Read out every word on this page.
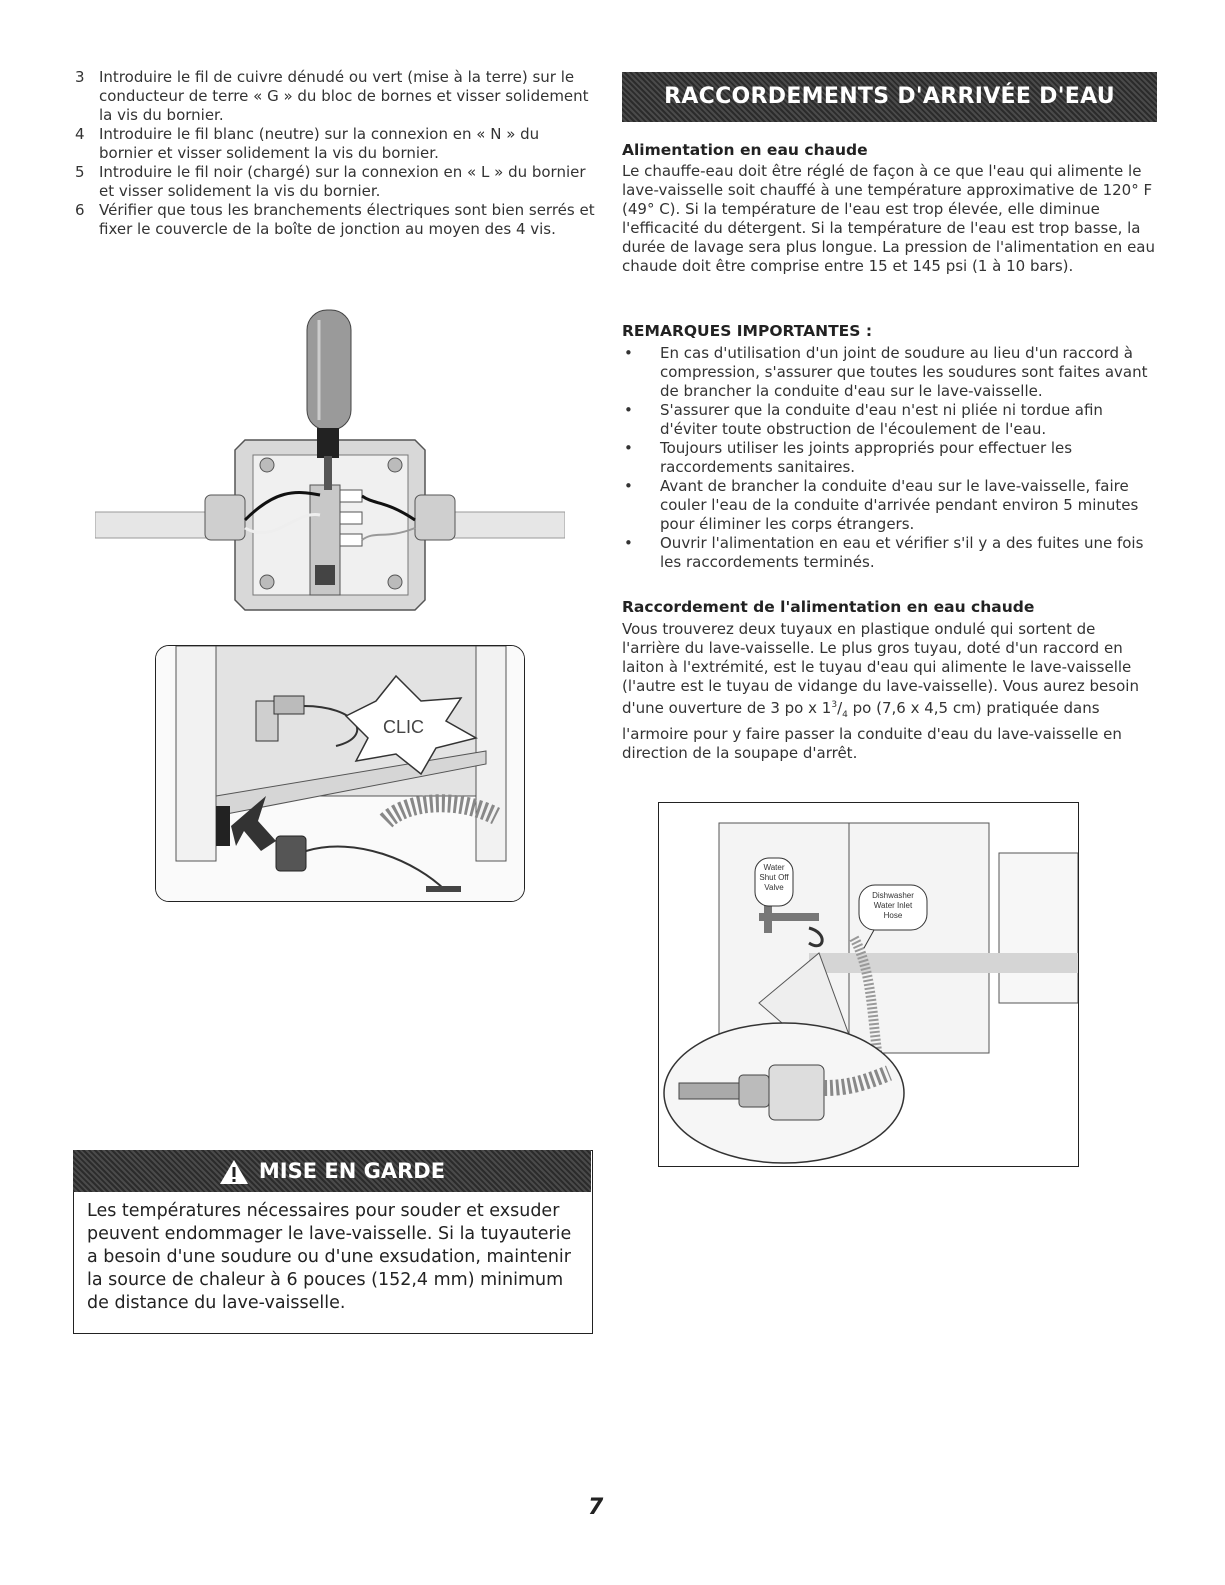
3 Introduire le fil de cuivre dénudé ou vert (mise à la terre) sur le conducteur de terre « G » du bloc de bornes et visser solidement la vis du bornier.

4 Introduire le fil blanc (neutre) sur la connexion en « N » du bornier et visser solidement la vis du bornier.

5 Introduire le fil noir (chargé) sur la connexion en « L » du bornier et visser solidement la vis du bornier.

6 Vérifier que tous les branchements électriques sont bien serrés et fixer le couvercle de la boîte de jonction au moyen des 4 vis.

CLIC
RACCORDEMENTS D'ARRIVÉE D'EAU
Alimentation en eau chaude
Le chauffe-eau doit être réglé de façon à ce que l'eau qui alimente le lave-vaisselle soit chauffé à une température approximative de 120° F (49° C). Si la température de l'eau est trop élevée, elle diminue l'efficacité du détergent. Si la température de l'eau est trop basse, la durée de lavage sera plus longue. La pression de l'alimentation en eau chaude doit être comprise entre 15 et 145 psi (1 à 10 bars).
REMARQUES IMPORTANTES :
•	En cas d'utilisation d'un joint de soudure au lieu d'un raccord à compression, s'assurer que toutes les soudures sont faites avant de brancher la conduite d'eau sur le lave-vaisselle.
•	S'assurer que la conduite d'eau n'est ni pliée ni tordue afin d'éviter toute obstruction de l'écoulement de l'eau.
•	Toujours utiliser les joints appropriés pour effectuer les raccordements sanitaires.
•	Avant de brancher la conduite d'eau sur le lave-vaisselle, faire couler l'eau de la conduite d'arrivée pendant environ 5 minutes pour éliminer les corps étrangers.
•	Ouvrir l'alimentation en eau et vérifier s'il y a des fuites une fois les raccordements terminés.
Raccordement de l'alimentation en eau chaude
Vous trouverez deux tuyaux en plastique ondulé qui sortent de l'arrière du lave-vaisselle. Le plus gros tuyau, doté d'un raccord en laiton à l'extrémité, est le tuyau d'eau qui alimente le lave-vaisselle (l'autre est le tuyau de vidange du lave-vaisselle). Vous aurez besoin d'une ouverture de 3 po x $1^3/_4$ po (7,6 x 4,5 cm) pratiquée dans l'armoire pour y faire passer la conduite d'eau du lave-vaisselle en direction de la soupape d'arrêt.
Water
Shut Off
Valve
Dishwasher
Water Inlet
Hose
MISE EN GARDE
Les températures nécessaires pour souder et exsuder peuvent endommager le lave-vaisselle. Si la tuyauterie a besoin d'une soudure ou d'une exsudation, maintenir la source de chaleur à 6 pouces (152,4 mm) minimum de distance du lave-vaisselle.
7
